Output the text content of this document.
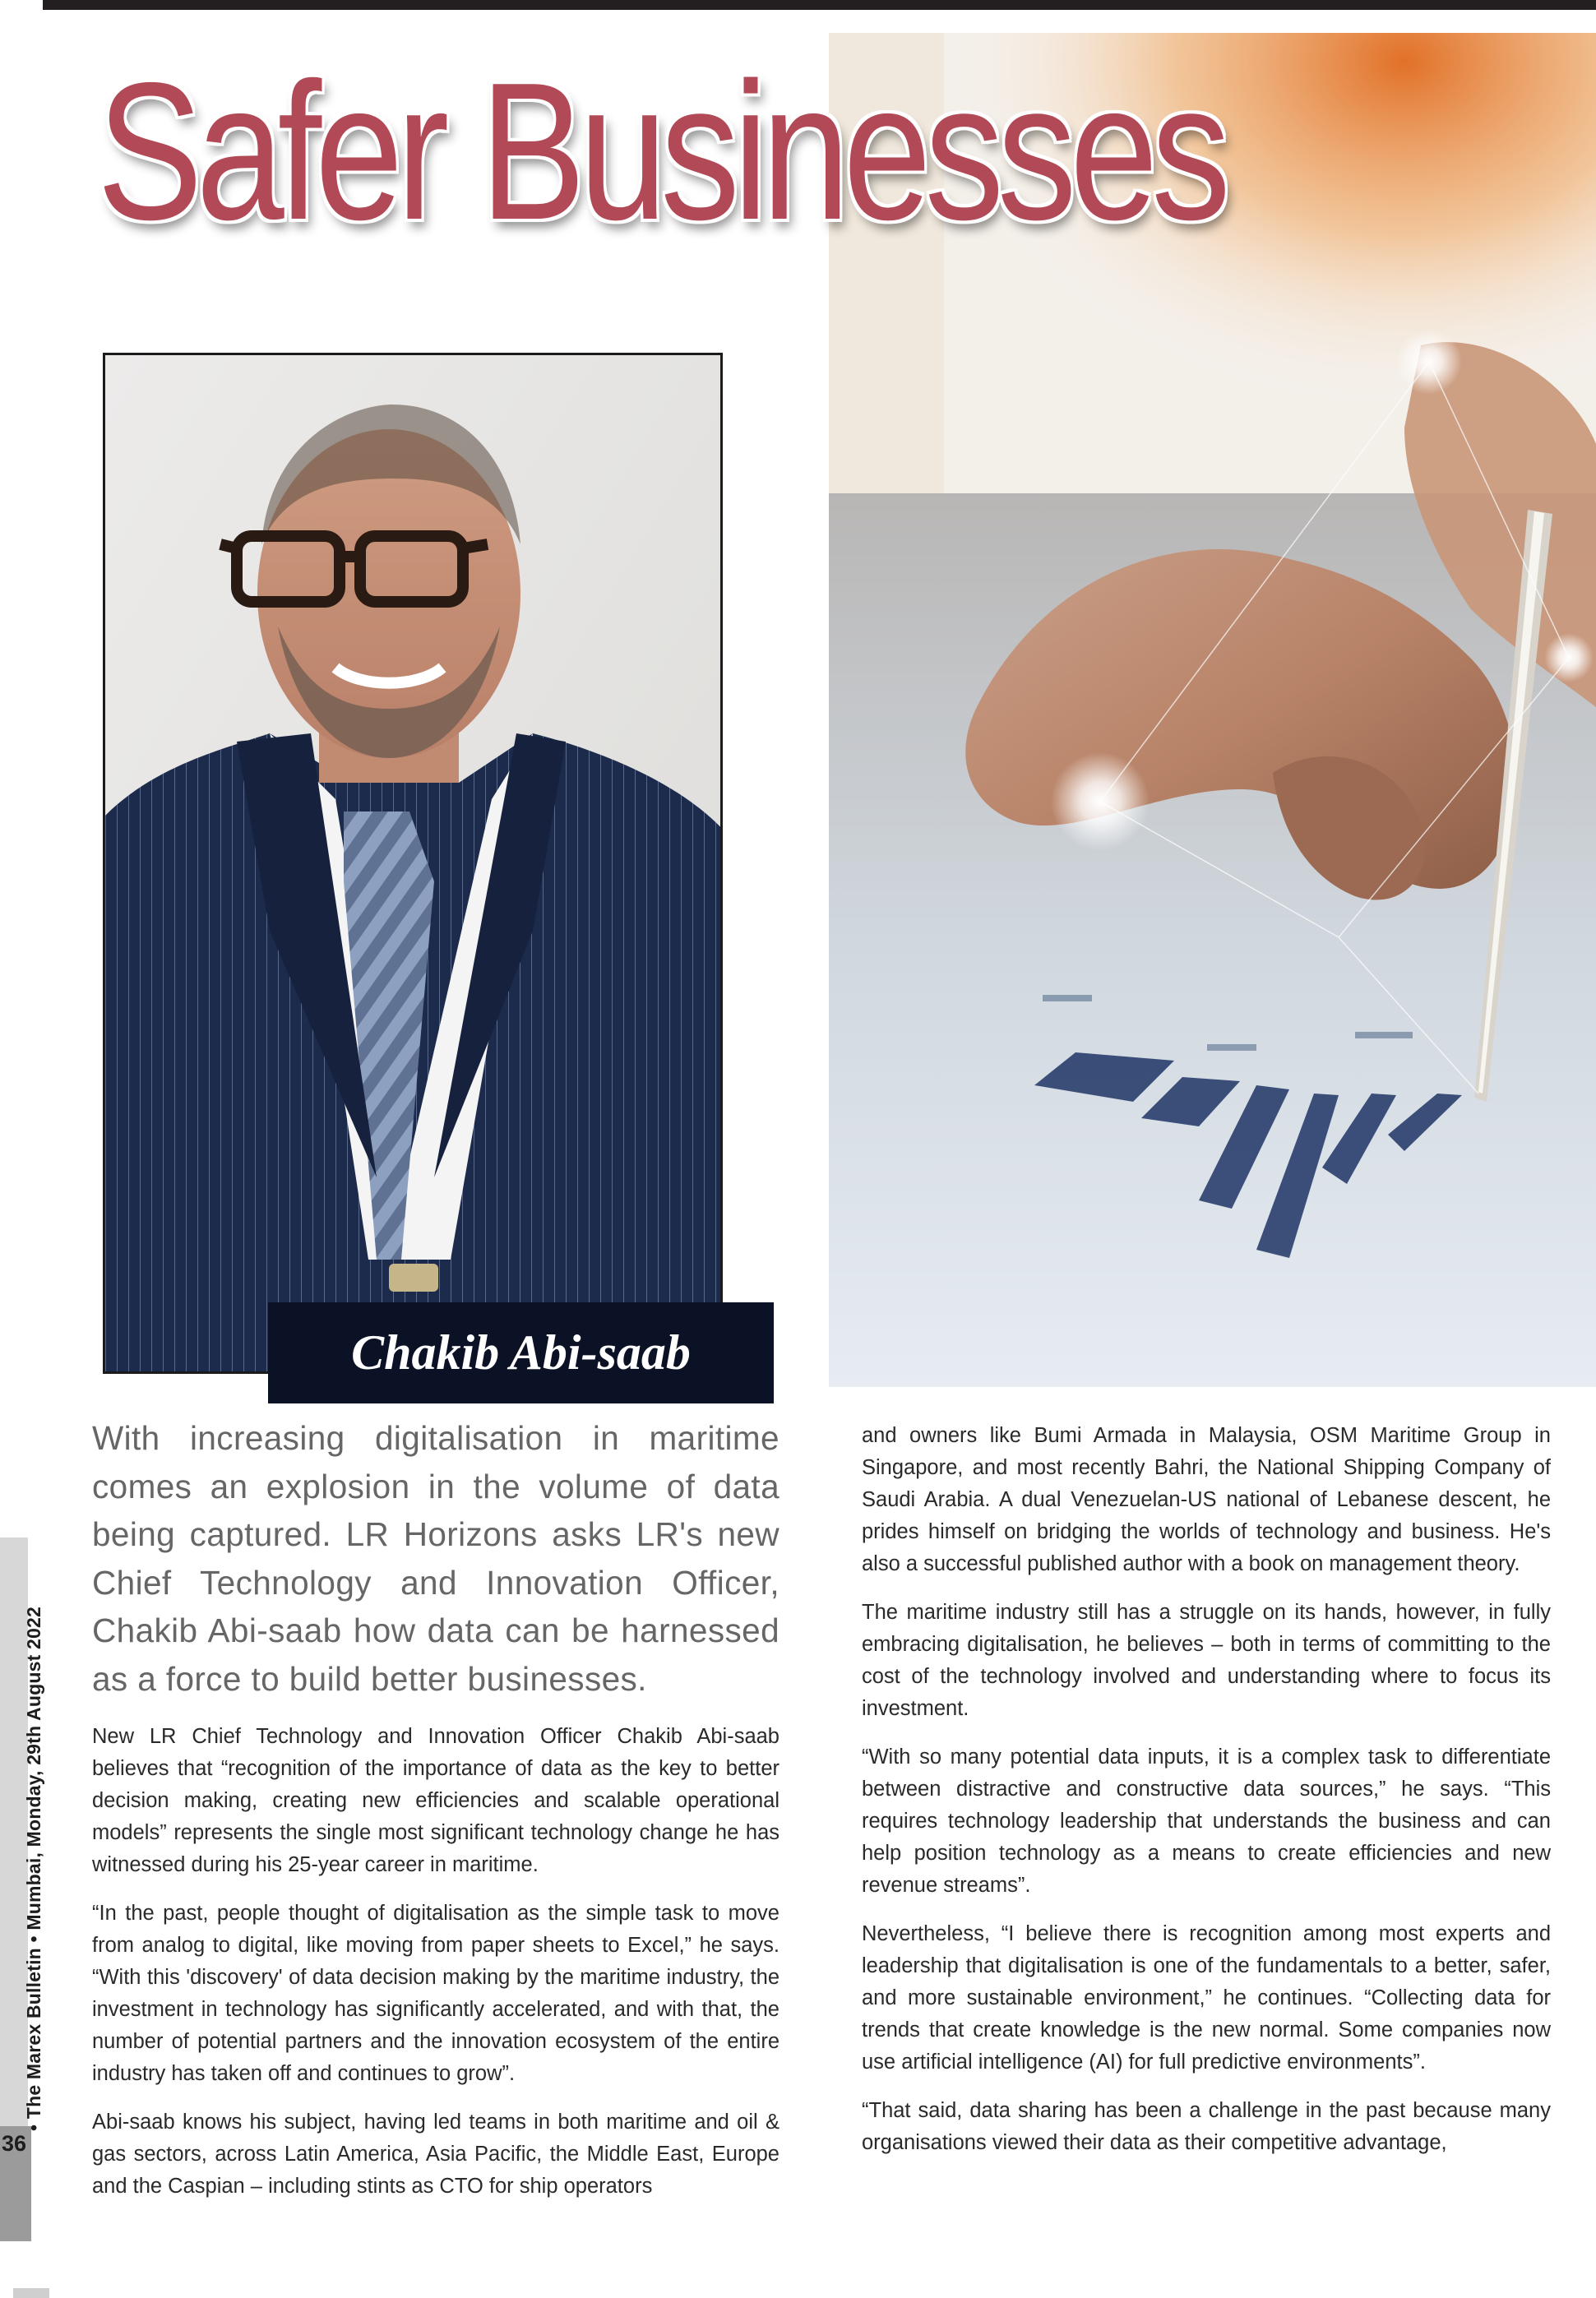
Safer Businesses
Chakib Abi-saab
• The Marex Bulletin • Mumbai, Monday, 29th August 2022
36

With increasing digitalisation in maritime comes an explosion in the volume of data being captured. LR Horizons asks LR's new Chief Technology and Innovation Officer, Chakib Abi-saab how data can be harnessed as a force to build better businesses.

New LR Chief Technology and Innovation Officer Chakib Abi-saab believes that “recognition of the importance of data as the key to better decision making, creating new efficiencies and scalable operational models” represents the single most significant technology change he has witnessed during his 25-year career in maritime.

“In the past, people thought of digitalisation as the simple task to move from analog to digital, like moving from paper sheets to Excel,” he says. “With this 'discovery' of data decision making by the maritime industry, the investment in technology has significantly accelerated, and with that, the number of potential partners and the innovation ecosystem of the entire industry has taken off and continues to grow”.

Abi-saab knows his subject, having led teams in both maritime and oil & gas sectors, across Latin America, Asia Pacific, the Middle East, Europe and the Caspian – including stints as CTO for ship operators

and owners like Bumi Armada in Malaysia, OSM Maritime Group in Singapore, and most recently Bahri, the National Shipping Company of Saudi Arabia. A dual Venezuelan-US national of Lebanese descent, he prides himself on bridging the worlds of technology and business. He's also a successful published author with a book on management theory.

The maritime industry still has a struggle on its hands, however, in fully embracing digitalisation, he believes – both in terms of committing to the cost of the technology involved and understanding where to focus its investment.

“With so many potential data inputs, it is a complex task to differentiate between distractive and constructive data sources,” he says. “This requires technology leadership that understands the business and can help position technology as a means to create efficiencies and new revenue streams”.

Nevertheless, “I believe there is recognition among most experts and leadership that digitalisation is one of the fundamentals to a better, safer, and more sustainable environment,” he continues. “Collecting data for trends that create knowledge is the new normal. Some companies now use artificial intelligence (AI) for full predictive environments”.

“That said, data sharing has been a challenge in the past because many organisations viewed their data as their competitive advantage,
